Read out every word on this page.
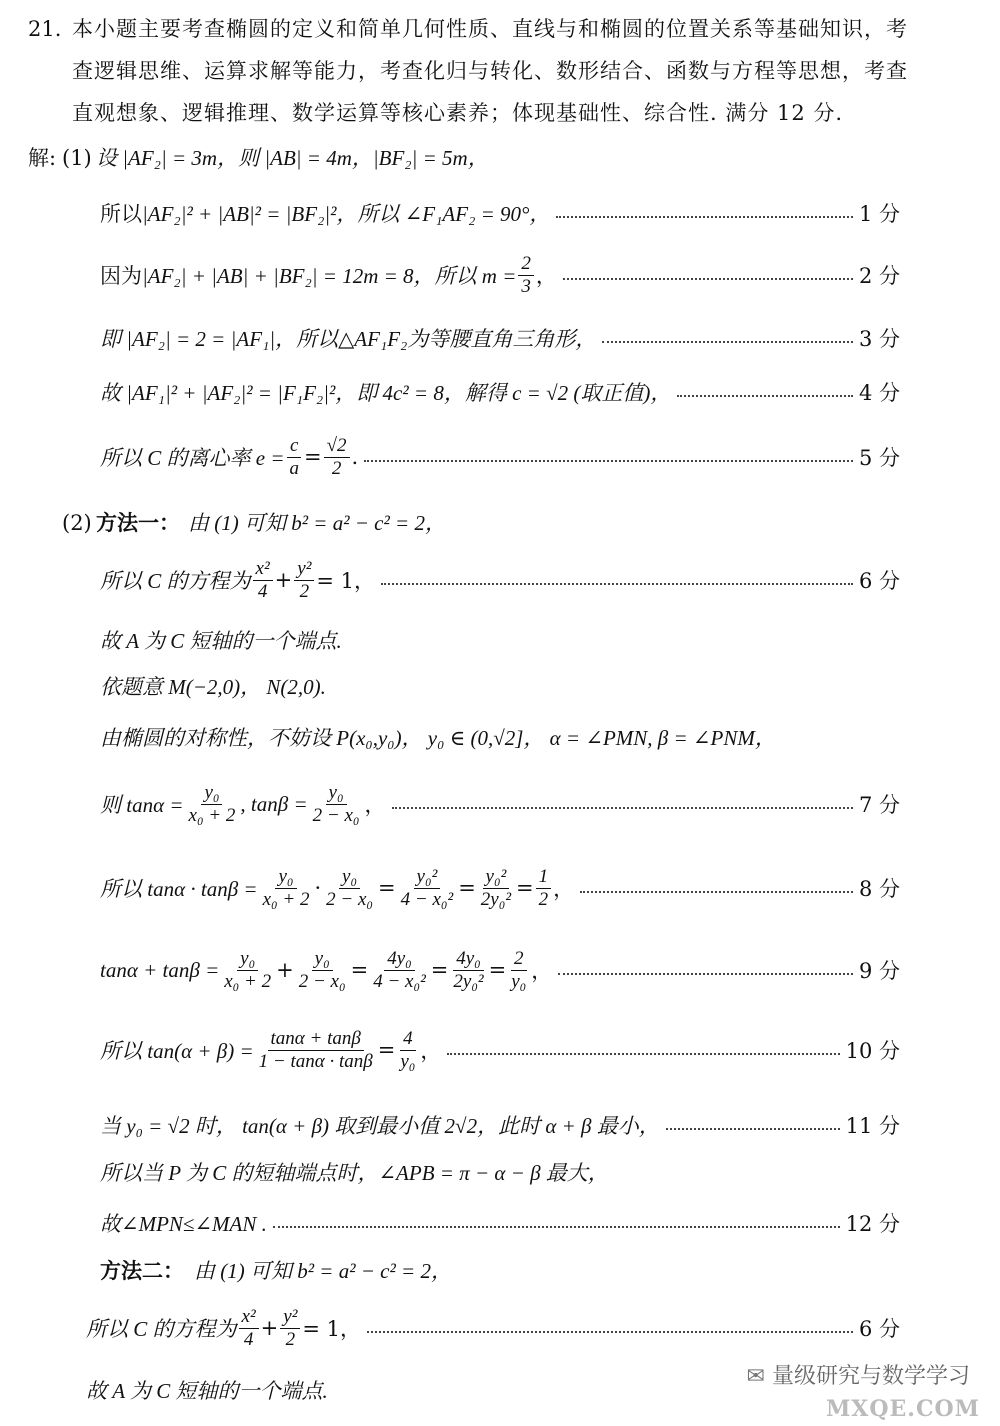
21. 本小题主要考查椭圆的定义和简单几何性质、直线与和椭圆的位置关系等基础知识，考
查逻辑思维、运算求解等能力，考查化归与转化、数形结合、函数与方程等思想，考查
直观想象、逻辑推理、数学运算等核心素养；体现基础性、综合性. 满分 12 分.
解: (1) 设 |AF₂| = 3m，则 |AB| = 4m，|BF₂| = 5m，
所以 |AF₂|² + |AB|² = |BF₂|²，所以 ∠F₁AF₂ = 90°，	1 分
因为 |AF₂| + |AB| + |BF₂| = 12m = 8，所以 $m = \frac{2}{3}$ ，	2 分
即 |AF₂| = 2 = |AF₁|，所以△AF₁F₂为等腰直角三角形，	3 分
故 |AF₁|² + |AF₂|² = |F₁F₂|²，即 4c² = 8，解得 c = √2 (取正值)，	4 分
所以 C 的离心率 $e = \frac{c}{a} = \frac{√2}{2}$ .	5 分
(2) 方法一： 由 (1) 可知 b² = a² − c² = 2，
所以 C 的方程为 $\frac{\text{x²}}{4} + \frac{\text{y²}}{2} = 1$，	6 分
故 A 为 C 短轴的一个端点.
依题意 M(−2,0)， N(2,0).
由椭圆的对称性，不妨设 P(x₀,y₀)， y₀ ∈ (0,√2]， α = ∠PMN, β = ∠PNM，
则 $\tan\alpha = \frac{\text{y₀}}{\text{x₀ + 2}}$ , $\tan\beta = \frac{\text{y₀}}{\text{2 − x₀}}$ ，	7 分
所以 $\tan\alpha \cdot \tan\beta = \frac{\text{y₀}}{\text{x₀ + 2}} \cdot \frac{\text{y₀}}{\text{2 − x₀}} = \frac{\text{y₀²}}{\text{4 − x₀²}} = \frac{\text{y₀²}}{\text{2y₀²}} = \frac{1}{2}$ ，	8 分
$\tan\alpha + \tan\beta = \frac{\text{y₀}}{\text{x₀ + 2}} + \frac{\text{y₀}}{\text{2 − x₀}} = \frac{\text{4y₀}}{\text{4 − x₀²}} = \frac{\text{4y₀}}{\text{2y₀²}} = \frac{2}{\text{y₀}}$ ，	9 分
所以 $\tan(\alpha + \beta) = \frac{\tan\alpha + \tan\beta}{1 - \tan\alpha \cdot \tan\beta} = \frac{4}{\text{y₀}}$ ，	10 分
当 y₀ = √2 时， tan(α + β) 取到最小值 2√2，此时 α + β 最小，	11 分
所以当 P 为 C 的短轴端点时，∠APB = π − α − β 最大，
故∠MPN≤∠MAN .	12 分
方法二： 由 (1) 可知 b² = a² − c² = 2，
所以 C 的方程为 $\frac{\text{x²}}{4} + \frac{\text{y²}}{2} = 1$，	6 分
故 A 为 C 短轴的一个端点.
✉ 量级研究与数学学习
MXQE.COM
